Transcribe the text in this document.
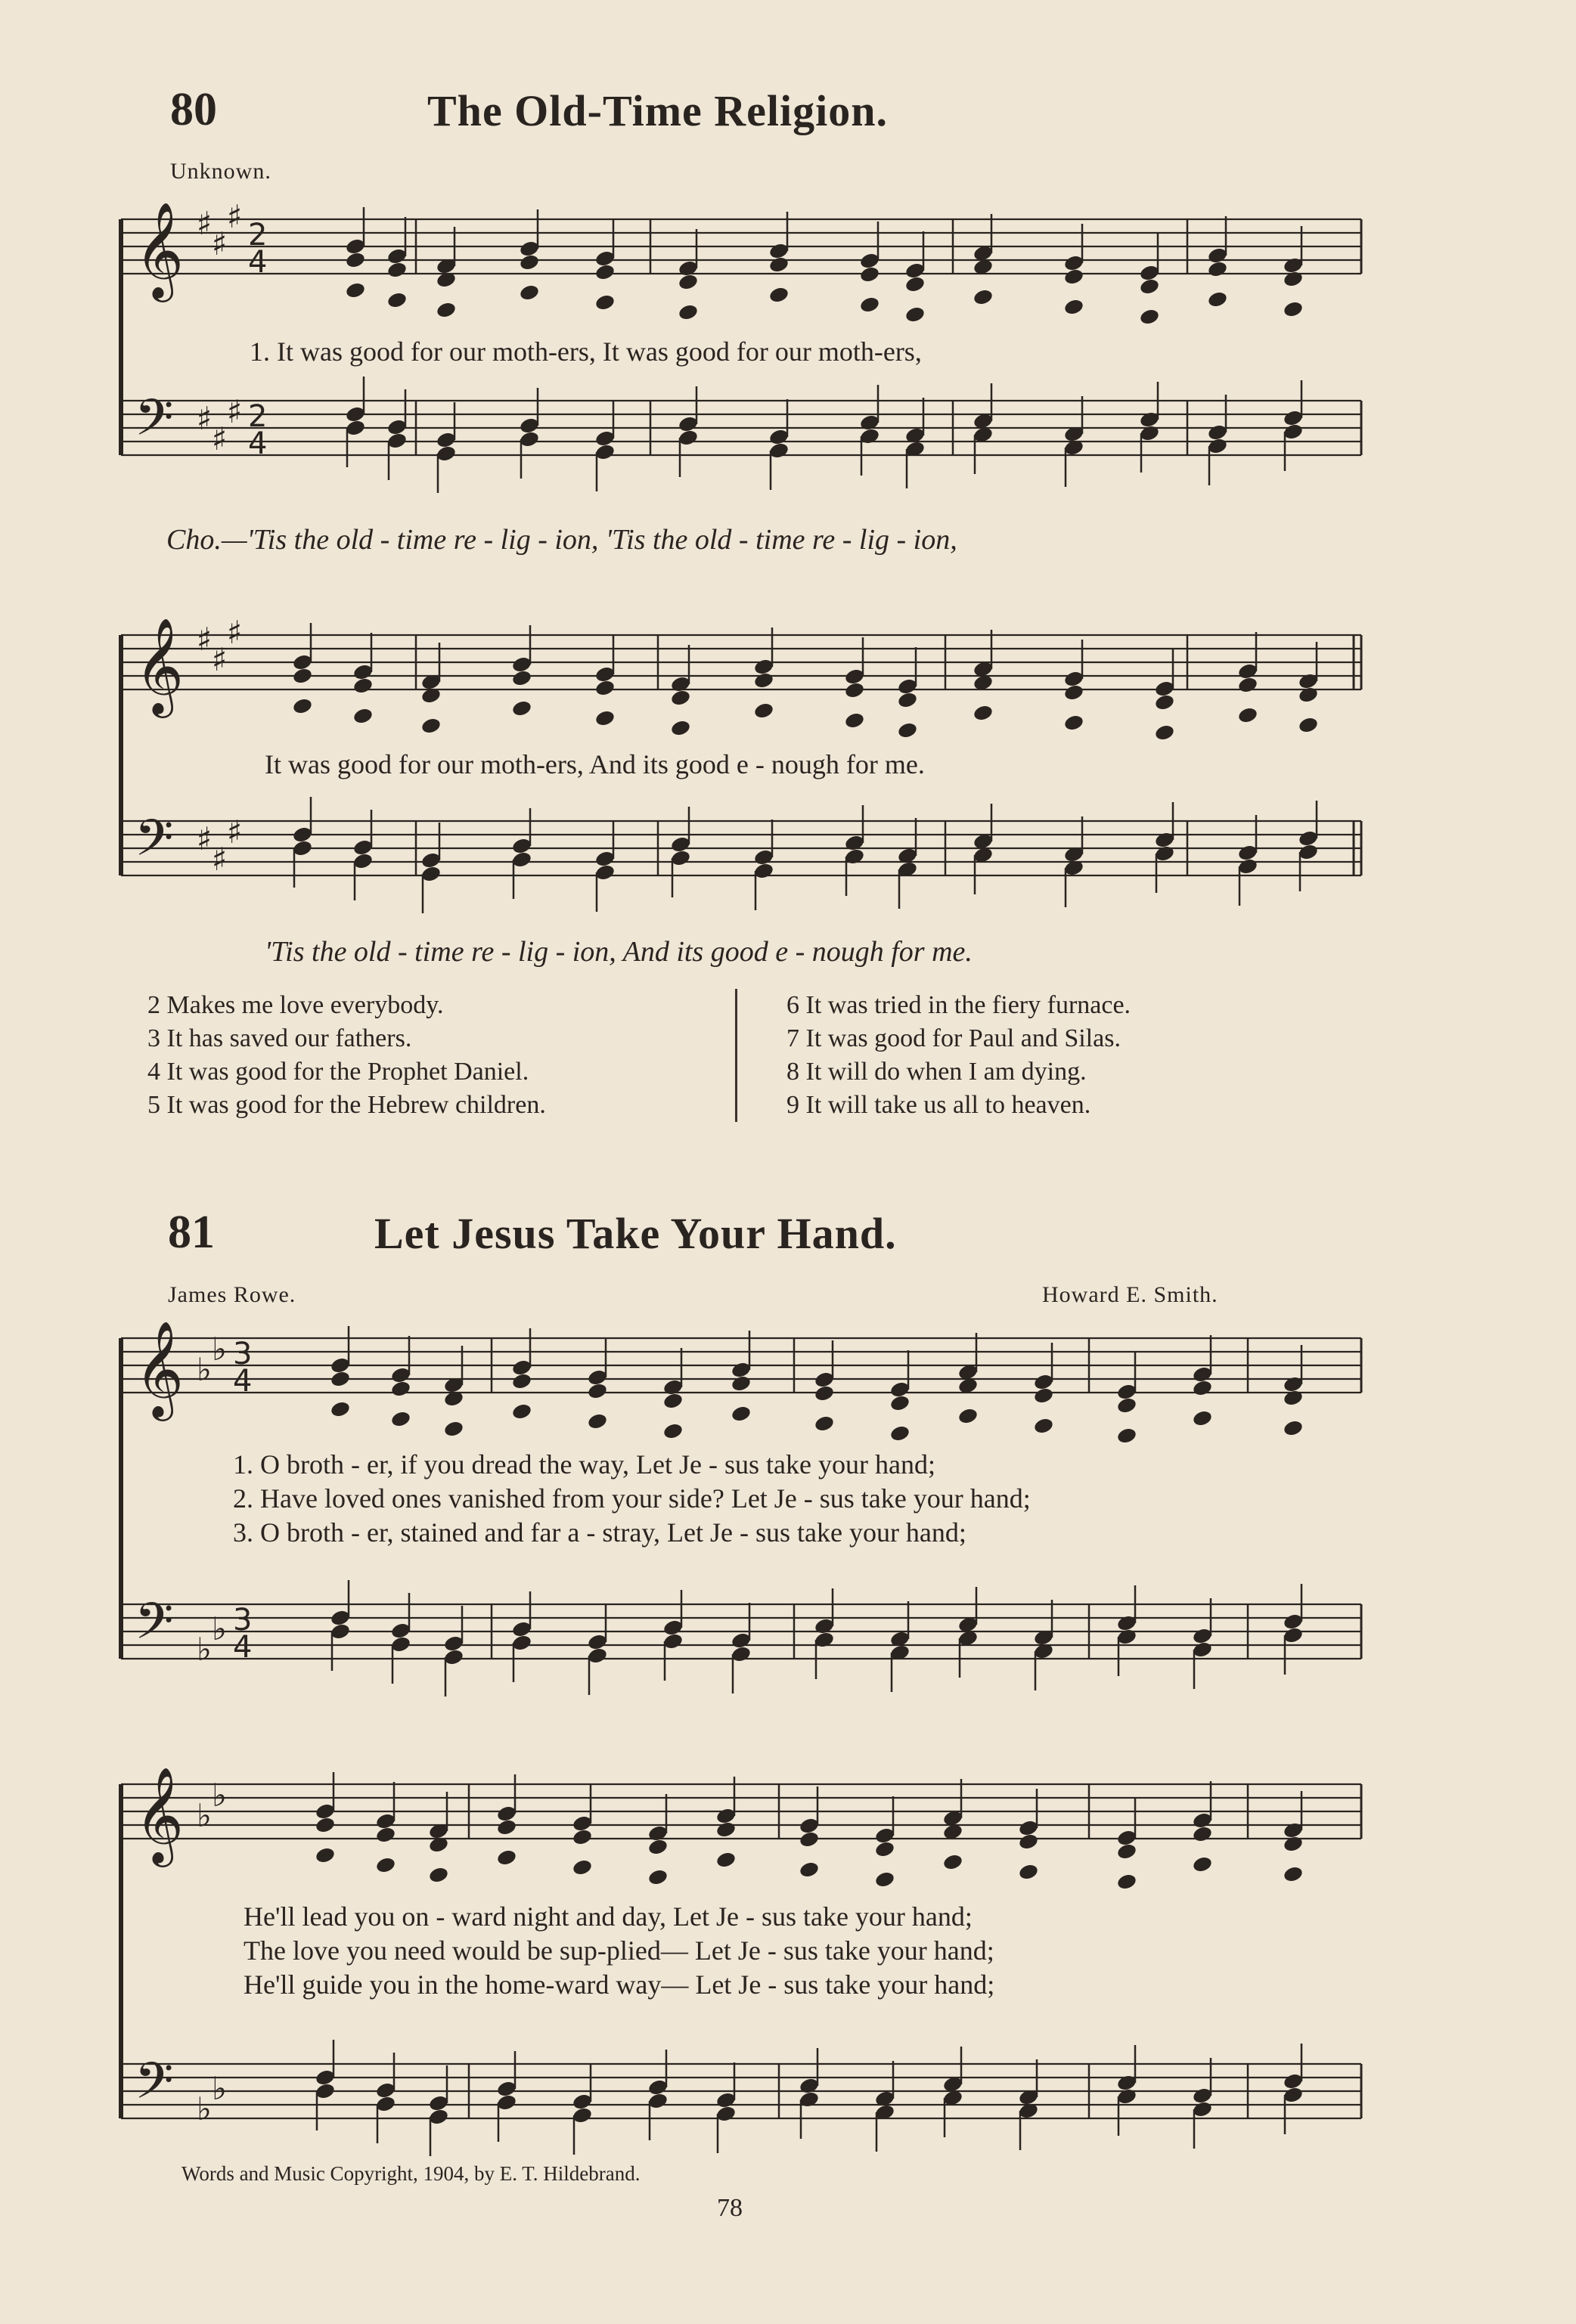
80	The Old-Time Religion.
Unknown.
𝄞
𝄢
♯
♯
♯
♯
♯
♯
2
4
2
4
1. It was good for our moth-ers, It was good for our moth-ers,
Cho.—'Tis the old - time re - lig - ion, 'Tis the old - time re - lig - ion,
𝄞
𝄢
♯
♯
♯
♯
♯
♯
It was good for our moth-ers, And its good e - nough for me.
'Tis the old - time re - lig - ion, And its good e - nough for me.
2 Makes me love everybody.
3 It has saved our fathers.
4 It was good for the Prophet Daniel.
5 It was good for the Hebrew children.
6 It was tried in the fiery furnace.
7 It was good for Paul and Silas.
8 It will do when I am dying.
9 It will take us all to heaven.
81	Let Jesus Take Your Hand.
James Rowe.	Howard E. Smith.
𝄞
𝄢
♭
♭
♭
♭
3
4
3
4
1. O broth - er, if you dread the way, Let Je - sus take your hand;
2. Have loved ones vanished from your side? Let Je - sus take your hand;
3. O broth - er, stained and far a - stray, Let Je - sus take your hand;
𝄞
𝄢
♭
♭
♭
♭
He'll lead you on - ward night and day, Let Je - sus take your hand;
The love you need would be sup-plied— Let Je - sus take your hand;
He'll guide you in the home-ward way— Let Je - sus take your hand;
Words and Music Copyright, 1904, by E. T. Hildebrand.
78
